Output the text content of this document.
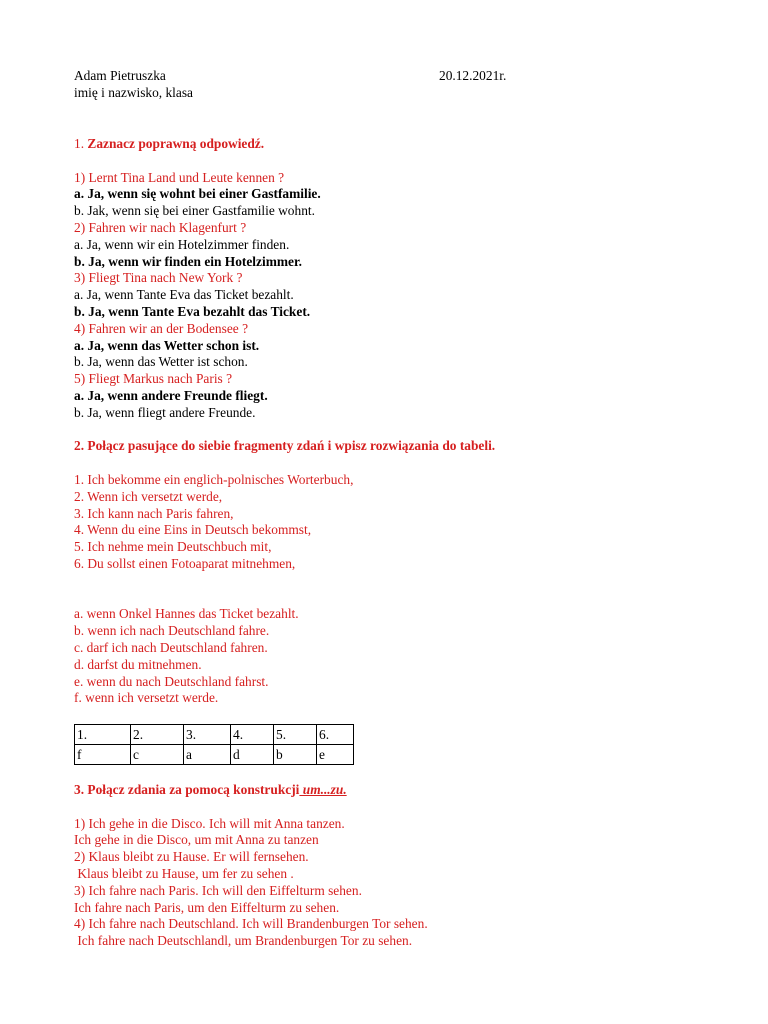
Adam Pietruszka	20.12.2021r.
imię i nazwisko, klasa
1. Zaznacz poprawną odpowiedź.
1) Lernt Tina Land und Leute kennen ?
a. Ja, wenn się wohnt bei einer Gastfamilie.
b. Jak, wenn się bei einer Gastfamilie wohnt.
2) Fahren wir nach Klagenfurt ?
a. Ja, wenn wir ein Hotelzimmer finden.
b. Ja, wenn wir finden ein Hotelzimmer.
3) Fliegt Tina nach New York ?
a. Ja, wenn Tante Eva das Ticket bezahlt.
b. Ja, wenn Tante Eva bezahlt das Ticket.
4) Fahren wir an der Bodensee ?
a. Ja, wenn das Wetter schon ist.
b. Ja, wenn das Wetter ist schon.
5) Fliegt Markus nach Paris ?
a. Ja, wenn andere Freunde fliegt.
b. Ja, wenn fliegt andere Freunde.
2. Połącz pasujące do siebie fragmenty zdań i wpisz rozwiązania do tabeli.
1. Ich bekomme ein englich-polnisches Worterbuch,
2. Wenn ich versetzt werde,
3. Ich kann nach Paris fahren,
4. Wenn du eine Eins in Deutsch bekommst,
5. Ich nehme mein Deutschbuch mit,
6. Du sollst einen Fotoaparat mitnehmen,
a. wenn Onkel Hannes das Ticket bezahlt.
b. wenn ich nach Deutschland fahre.
c. darf ich nach Deutschland fahren.
d. darfst du mitnehmen.
e. wenn du nach Deutschland fahrst.
f. wenn ich versetzt werde.
1.	2.	3.	4.	5.	6.
f	c	a	d	b	e
3. Połącz zdania za pomocą konstrukcji um...zu.
1) Ich gehe in die Disco. Ich will mit Anna tanzen.
Ich gehe in die Disco, um mit Anna zu tanzen
2) Klaus bleibt zu Hause. Er will fernsehen.
Klaus bleibt zu Hause, um fer zu sehen .
3) Ich fahre nach Paris. Ich will den Eiffelturm sehen.
Ich fahre nach Paris, um den Eiffelturm zu sehen.
4) Ich fahre nach Deutschland. Ich will Brandenburgen Tor sehen.
Ich fahre nach Deutschlandl, um Brandenburgen Tor zu sehen.
